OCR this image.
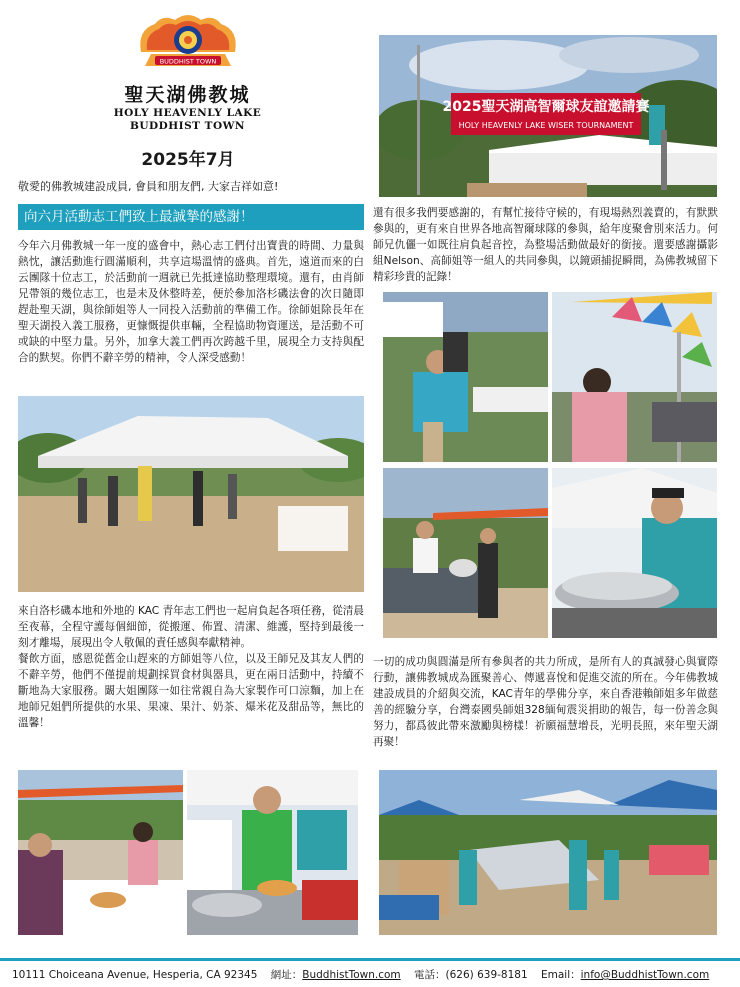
BUDDHIST TOWN
聖天湖佛教城
HOLY HEAVENLY LAKE
BUDDHIST TOWN
2025年7月
敬愛的佛教城建設成員, 會員和朋友們, 大家吉祥如意!
向六月活動志工們致上最誠摯的感謝！
今年六月佛教城一年一度的盛會中，熱心志工們付出寶貴的時間、力量與熱忱，讓活動進行圓滿順利，共享這場溫情的盛典。首先，遠道而來的白云團隊十位志工，於活動前一週就已先抵達協助整理環境。還有，由肖師兄帶領的幾位志工，也是未及休整時差，便於參加洛杉磯法會的次日隨即趕赴聖天湖，與徐師姐等人一同投入活動前的準備工作。徐師姐除長年在聖天湖投入義工服務，更慷慨提供車輛，全程協助物資運送，是活動不可或缺的中堅力量。另外，加拿大義工們再次跨越千里，展現全力支持與配合的默契。你們不辭辛勞的精神，令人深受感動！
來自洛杉磯本地和外地的 KAC 青年志工們也一起肩負起各項任務，從清晨至夜幕，全程守護每個細節，從搬運、佈置、清潔、維護，堅持到最後一刻才離場，展現出令人敬佩的責任感與奉獻精神。
餐飲方面，感恩從舊金山趕來的方師姐等八位，以及王師兄及其友人們的不辭辛勞，他們不僅提前規劃採買食材與器具，更在兩日活動中，持續不斷地為大家服務。闞大姐團隊一如往常親自為大家製作可口涼麵，加上在地師兄姐們所提供的水果、果凍、果汁、奶茶、爆米花及甜品等，無比的溫馨！
2025聖天湖高智爾球友誼邀請賽
HOLY HEAVENLY LAKE WISER TOURNAMENT
還有很多我們要感謝的，有幫忙接待守候的，有現場熱烈義賣的，有默默參與的，更有來自世界各地高智爾球隊的參與，給年度聚會別來活力。何師兄仇儷一如既往肩負起音控，為整場活動做最好的銜接。還要感謝攝影組Nelson、高師姐等一組人的共同參與，以鏡頭捕捉瞬間，為佛教城留下精彩珍貴的記錄！
一切的成功與圓滿是所有參與者的共力所成，是所有人的真誠發心與實際行動，讓佛教城成為匯聚善心、傳遞喜悅和促進交流的所在。今年佛教城建設成員的介紹與交流，KAC青年的學佛分享，來自香港賴師姐多年做慈善的經驗分享，台灣泰國吳師姐328緬甸震災捐助的報告，每一份善念與努力，都爲彼此帶來激勵與榜樣！祈願福慧增長，光明長照，來年聖天湖再聚！
10111 Choiceana Avenue, Hesperia, CA 92345 網址：BuddhistTown.com 電話：(626) 639-8181 Email：info@BuddhistTown.com
